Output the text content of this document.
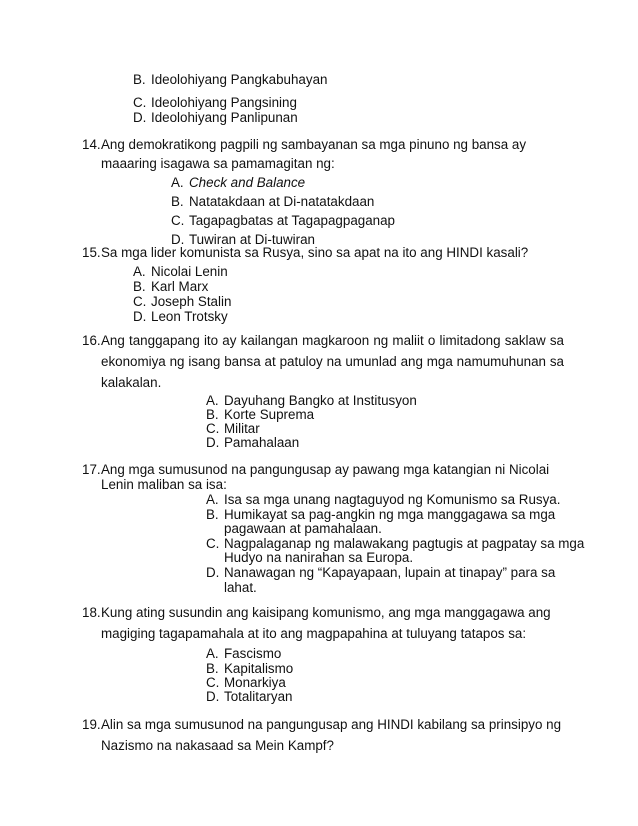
B. Ideolohiyang Pangkabuhayan
C. Ideolohiyang Pangsining
D. Ideolohiyang Panlipunan
14.Ang demokratikong pagpili ng sambayanan sa mga pinuno ng bansa ay
maaaring isagawa sa pamamagitan ng:
A. Check and Balance
B. Natatakdaan at Di-natatakdaan
C. Tagapagbatas at Tagapagpaganap
D. Tuwiran at Di-tuwiran
15.Sa mga lider komunista sa Rusya, sino sa apat na ito ang HINDI kasali?
A. Nicolai Lenin
B. Karl Marx
C. Joseph Stalin
D. Leon Trotsky
16.Ang tanggapang ito ay kailangan magkaroon ng maliit o limitadong saklaw sa
ekonomiya ng isang bansa at patuloy na umunlad ang mga namumuhunan sa
kalakalan.
A. Dayuhang Bangko at Institusyon
B. Korte Suprema
C. Militar
D. Pamahalaan
17.Ang mga sumusunod na pangungusap ay pawang mga katangian ni Nicolai
Lenin maliban sa isa:
A. Isa sa mga unang nagtaguyod ng Komunismo sa Rusya.
B. Humikayat sa pag-angkin ng mga manggagawa sa mga
pagawaan at pamahalaan.
C. Nagpalaganap ng malawakang pagtugis at pagpatay sa mga
Hudyo na nanirahan sa Europa.
D. Nanawagan ng “Kapayapaan, lupain at tinapay” para sa
lahat.
18.Kung ating susundin ang kaisipang komunismo, ang mga manggagawa ang
magiging tagapamahala at ito ang magpapahina at tuluyang tatapos sa:
A. Fascismo
B. Kapitalismo
C. Monarkiya
D. Totalitaryan
19.Alin sa mga sumusunod na pangungusap ang HINDI kabilang sa prinsipyo ng
Nazismo na nakasaad sa Mein Kampf?
